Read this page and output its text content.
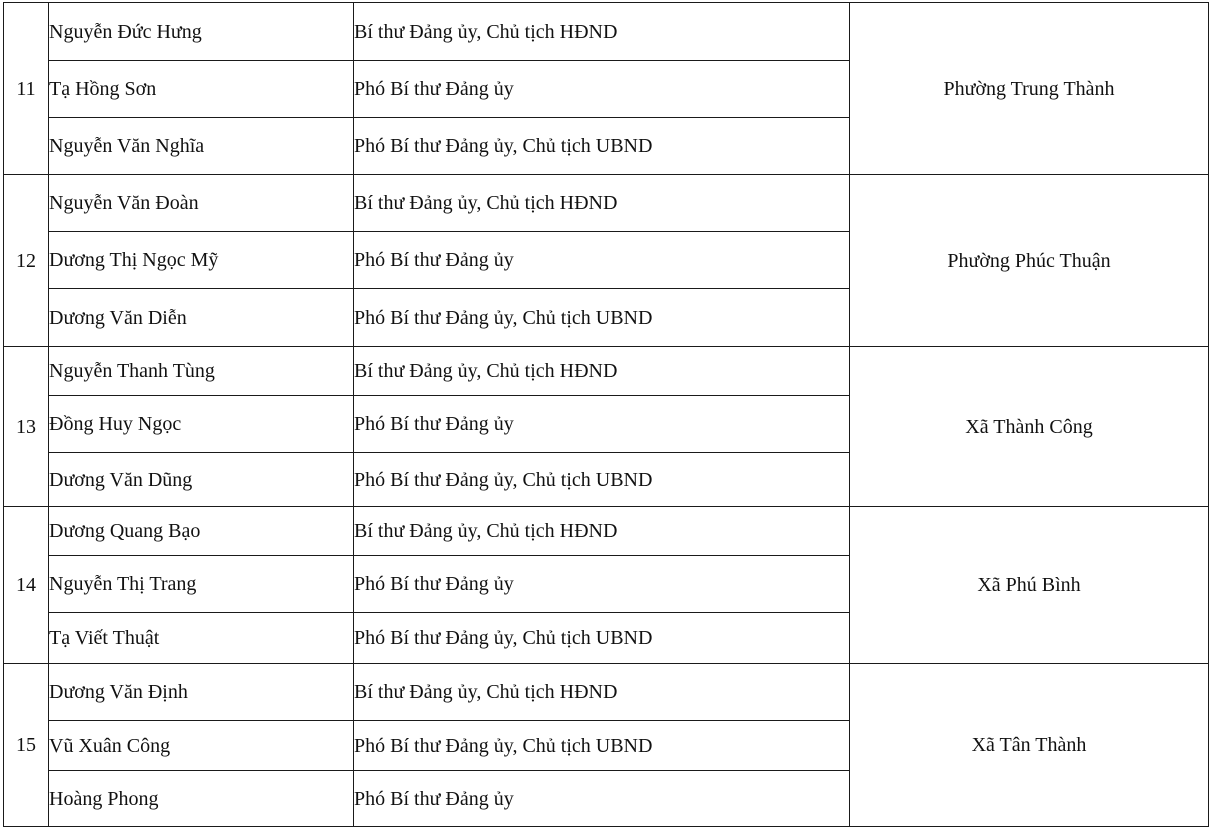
11	Nguyễn Đức Hưng	Bí thư Đảng ủy, Chủ tịch HĐND	Phường Trung Thành
	Tạ Hồng Sơn	Phó Bí thư Đảng ủy	
	Nguyễn Văn Nghĩa	Phó Bí thư Đảng ủy, Chủ tịch UBND	
12	Nguyễn Văn Đoàn	Bí thư Đảng ủy, Chủ tịch HĐND	Phường Phúc Thuận
	Dương Thị Ngọc Mỹ	Phó Bí thư Đảng ủy	
	Dương Văn Diễn	Phó Bí thư Đảng ủy, Chủ tịch UBND	
13	Nguyễn Thanh Tùng	Bí thư Đảng ủy, Chủ tịch HĐND	Xã Thành Công
	Đồng Huy Ngọc	Phó Bí thư Đảng ủy	
	Dương Văn Dũng	Phó Bí thư Đảng ủy, Chủ tịch UBND	
14	Dương Quang Bạo	Bí thư Đảng ủy, Chủ tịch HĐND	Xã Phú Bình
	Nguyễn Thị Trang	Phó Bí thư Đảng ủy	
	Tạ Viết Thuật	Phó Bí thư Đảng ủy, Chủ tịch UBND	
15	Dương Văn Định	Bí thư Đảng ủy, Chủ tịch HĐND	Xã Tân Thành
	Vũ Xuân Công	Phó Bí thư Đảng ủy, Chủ tịch UBND	
	Hoàng Phong	Phó Bí thư Đảng ủy	
